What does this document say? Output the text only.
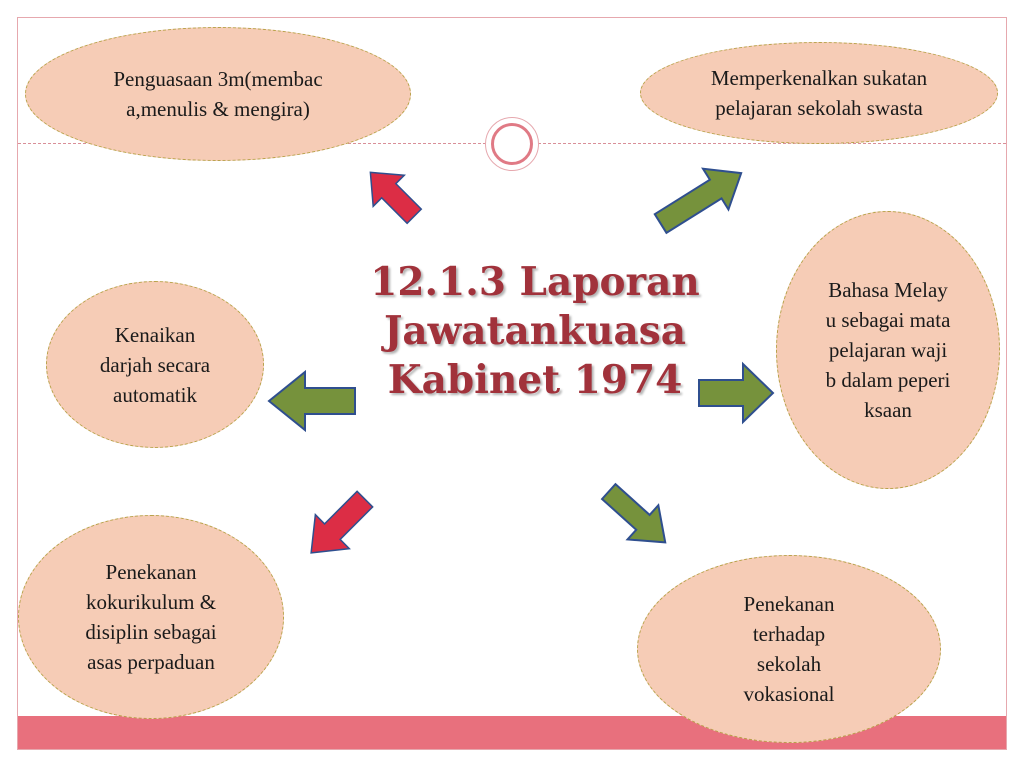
12.1.3 Laporan Jawatankuasa Kabinet 1974
Penguasaan 3m(membaca,menulis & mengira)
Memperkenalkan sukatan pelajaran sekolah swasta
Kenaikan darjah secara automatik
Bahasa Melayu sebagai mata pelajaran wajib dalam peperiksaan
Penekanan kokurikulum & disiplin sebagai asas perpaduan
Penekanan terhadap sekolah vokasional
